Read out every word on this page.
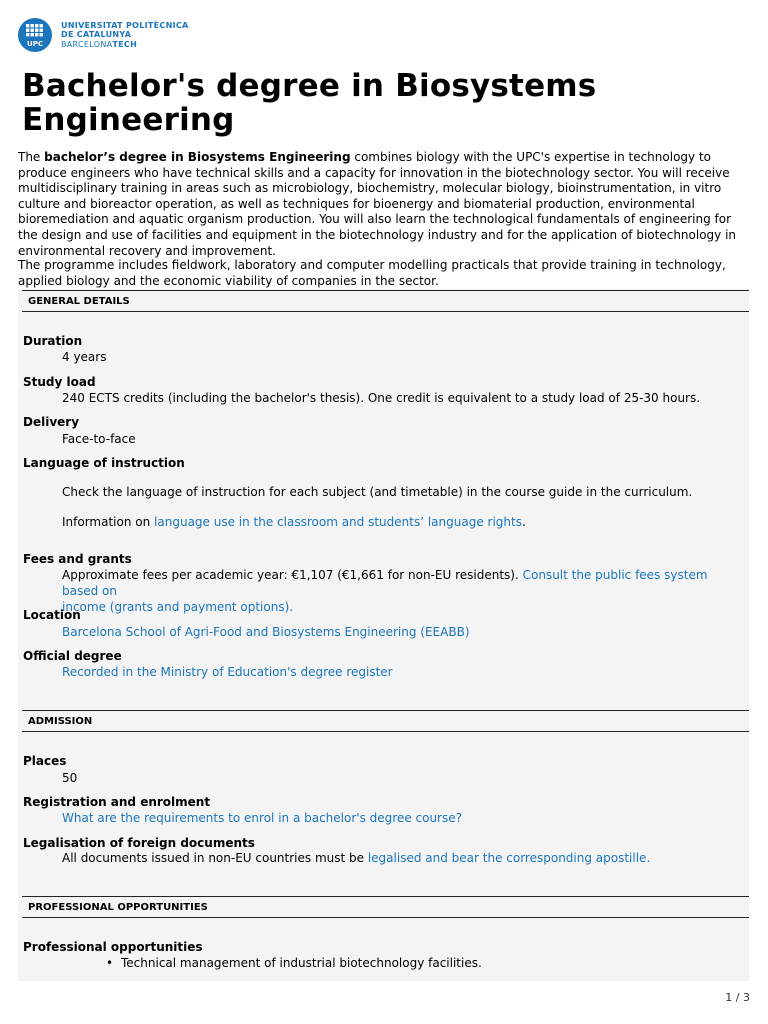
UPC
UNIVERSITAT POLITÈCNICA
DE CATALUNYA
BARCELONATECH
Bachelor's degree in Biosystems Engineering

The bachelor’s degree in Biosystems Engineering combines biology with the UPC's expertise in technology to produce engineers who have technical skills and a capacity for innovation in the biotechnology sector. You will receive multidisciplinary training in areas such as microbiology, biochemistry, molecular biology, bioinstrumentation, in vitro culture and bioreactor operation, as well as techniques for bioenergy and biomaterial production, environmental bioremediation and aquatic organism production. You will also learn the technological fundamentals of engineering for the design and use of facilities and equipment in the biotechnology industry and for the application of biotechnology in environmental recovery and improvement.

The programme includes fieldwork, laboratory and computer modelling practicals that provide training in technology, applied biology and the economic viability of companies in the sector.

GENERAL DETAILS
Duration
4 years
Study load
240 ECTS credits (including the bachelor's thesis). One credit is equivalent to a study load of 25-30 hours.
Delivery
Face-to-face
Language of instruction
Check the language of instruction for each subject (and timetable) in the course guide in the curriculum.
Information on language use in the classroom and students’ language rights.
Fees and grants
Approximate fees per academic year: €1,107 (€1,661 for non-EU residents). Consult the public fees system based on
income (grants and payment options).
Location
Barcelona School of Agri-Food and Biosystems Engineering (EEABB)
Official degree
Recorded in the Ministry of Education's degree register
ADMISSION
Places
50
Registration and enrolment
What are the requirements to enrol in a bachelor's degree course?
Legalisation of foreign documents
All documents issued in non-EU countries must be legalised and bear the corresponding apostille.
PROFESSIONAL OPPORTUNITIES
Professional opportunities
• Technical management of industrial biotechnology facilities.
1 / 3
